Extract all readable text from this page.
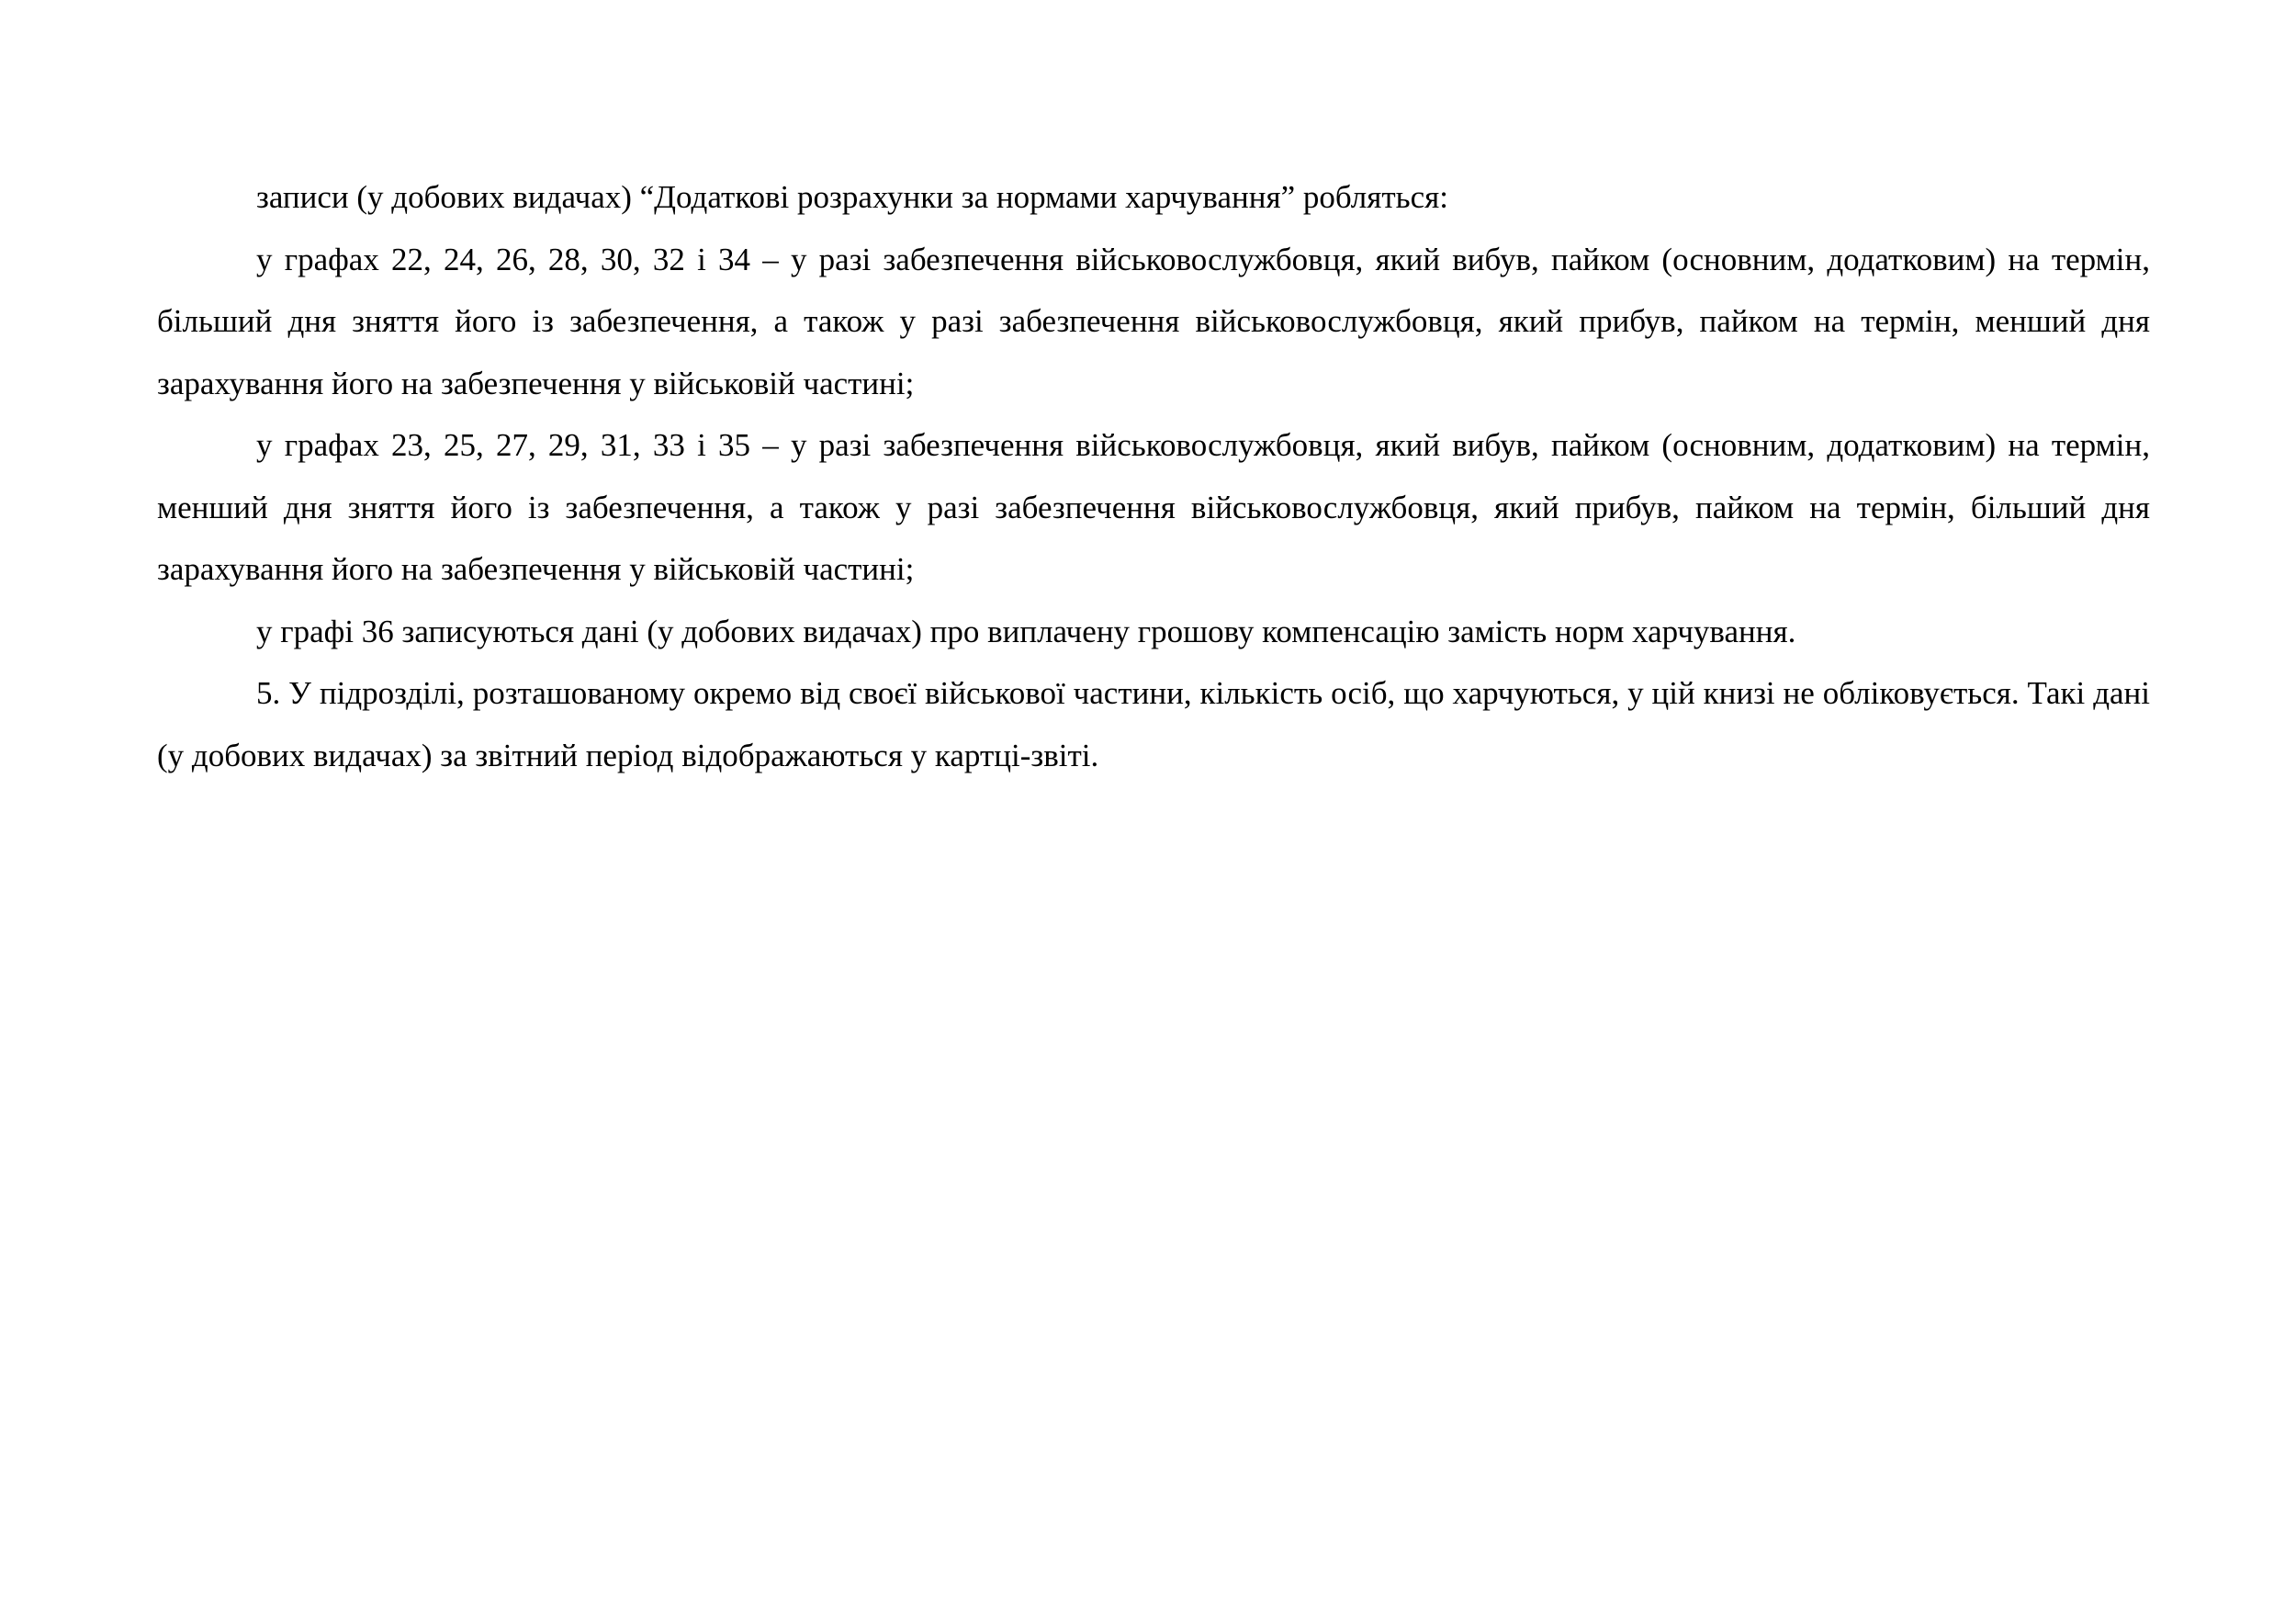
записи (у добових видачах) “Додаткові розрахунки за нормами харчування” робляться:

у графах 22, 24, 26, 28, 30, 32 і 34 – у разі забезпечення військовослужбовця, який вибув, пайком (основним, додатковим) на термін, більший дня зняття його із забезпечення, а також у разі забезпечення військовослужбовця, який прибув, пайком на термін, менший дня зарахування його на забезпечення у військовій частині;

у графах 23, 25, 27, 29, 31, 33 і 35 – у разі забезпечення військовослужбовця, який вибув, пайком (основним, додатковим) на термін, менший дня зняття його із забезпечення, а також у разі забезпечення військовослужбовця, який прибув, пайком на термін, більший дня зарахування його на забезпечення у військовій частині;

у графі 36 записуються дані (у добових видачах) про виплачену грошову компенсацію замість норм харчування.

5. У підрозділі, розташованому окремо від своєї військової частини, кількість осіб, що харчуються, у цій книзі не обліковується. Такі дані (у добових видачах) за звітний період відображаються у картці-звіті.
